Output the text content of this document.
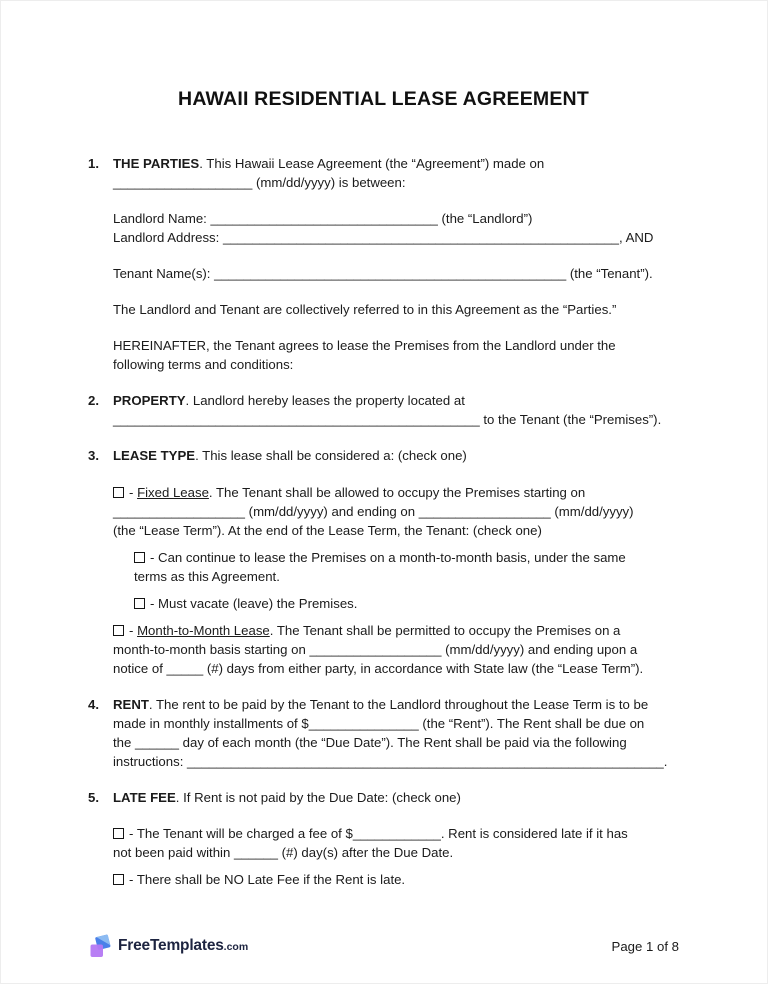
HAWAII RESIDENTIAL LEASE AGREEMENT
1.	THE PARTIES. This Hawaii Lease Agreement (the “Agreement”) made on
___________________ (mm/dd/yyyy) is between:
Landlord Name: _______________________________ (the “Landlord”)
Landlord Address: ______________________________________________________, AND
Tenant Name(s): ________________________________________________ (the “Tenant”).
The Landlord and Tenant are collectively referred to in this Agreement as the “Parties.”
HEREINAFTER, the Tenant agrees to lease the Premises from the Landlord under the
following terms and conditions:
2.	PROPERTY. Landlord hereby leases the property located at
__________________________________________________ to the Tenant (the “Premises”).
3.	LEASE TYPE. This lease shall be considered a: (check one)
- Fixed Lease. The Tenant shall be allowed to occupy the Premises starting on
__________________ (mm/dd/yyyy) and ending on __________________ (mm/dd/yyyy)
(the “Lease Term”). At the end of the Lease Term, the Tenant: (check one)
- Can continue to lease the Premises on a month-to-month basis, under the same
terms as this Agreement.
- Must vacate (leave) the Premises.
- Month-to-Month Lease. The Tenant shall be permitted to occupy the Premises on a
month-to-month basis starting on __________________ (mm/dd/yyyy) and ending upon a
notice of _____ (#) days from either party, in accordance with State law (the “Lease Term”).
4.	RENT. The rent to be paid by the Tenant to the Landlord throughout the Lease Term is to be
made in monthly installments of $_______________ (the “Rent”). The Rent shall be due on
the ______ day of each month (the “Due Date”). The Rent shall be paid via the following
instructions: _________________________________________________________________.
5.	LATE FEE. If Rent is not paid by the Due Date: (check one)
- The Tenant will be charged a fee of $____________. Rent is considered late if it has
not been paid within ______ (#) day(s) after the Due Date.
- There shall be NO Late Fee if the Rent is late.
FreeTemplates.com	Page 1 of 8
